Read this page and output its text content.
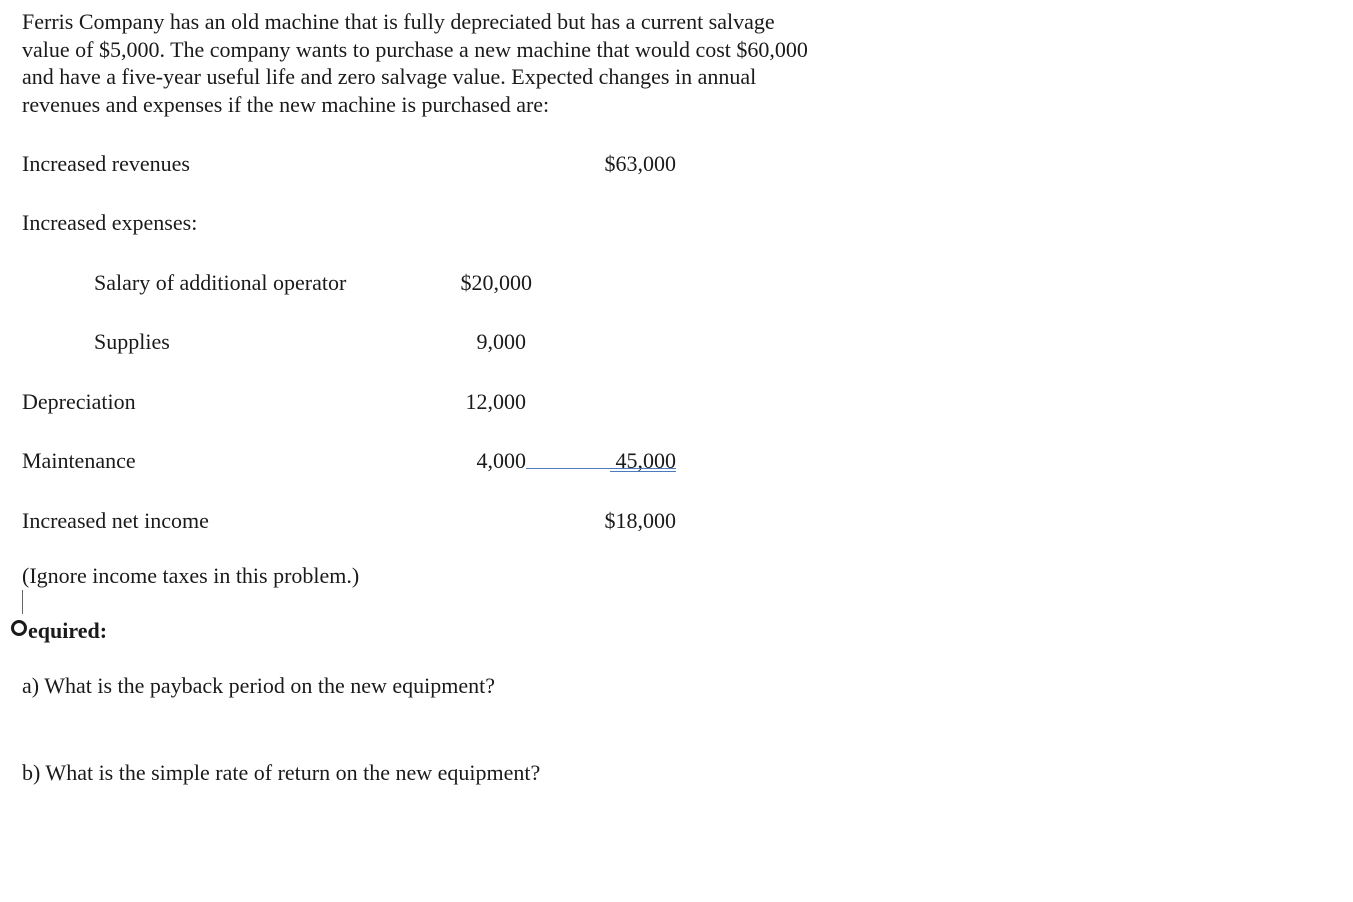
Ferris Company has an old machine that is fully depreciated but has a current salvage
value of $5,000. The company wants to purchase a new machine that would cost $60,000
and have a five-year useful life and zero salvage value. Expected changes in annual
revenues and expenses if the new machine is purchased are:
Increased revenues	$63,000
Increased expenses:
Salary of additional operator	$20,000
Supplies	9,000
Depreciation	12,000
Maintenance	4,000	45,000
Increased net income	$18,000
(Ignore income taxes in this problem.)
equired:
a) What is the payback period on the new equipment?
b) What is the simple rate of return on the new equipment?
